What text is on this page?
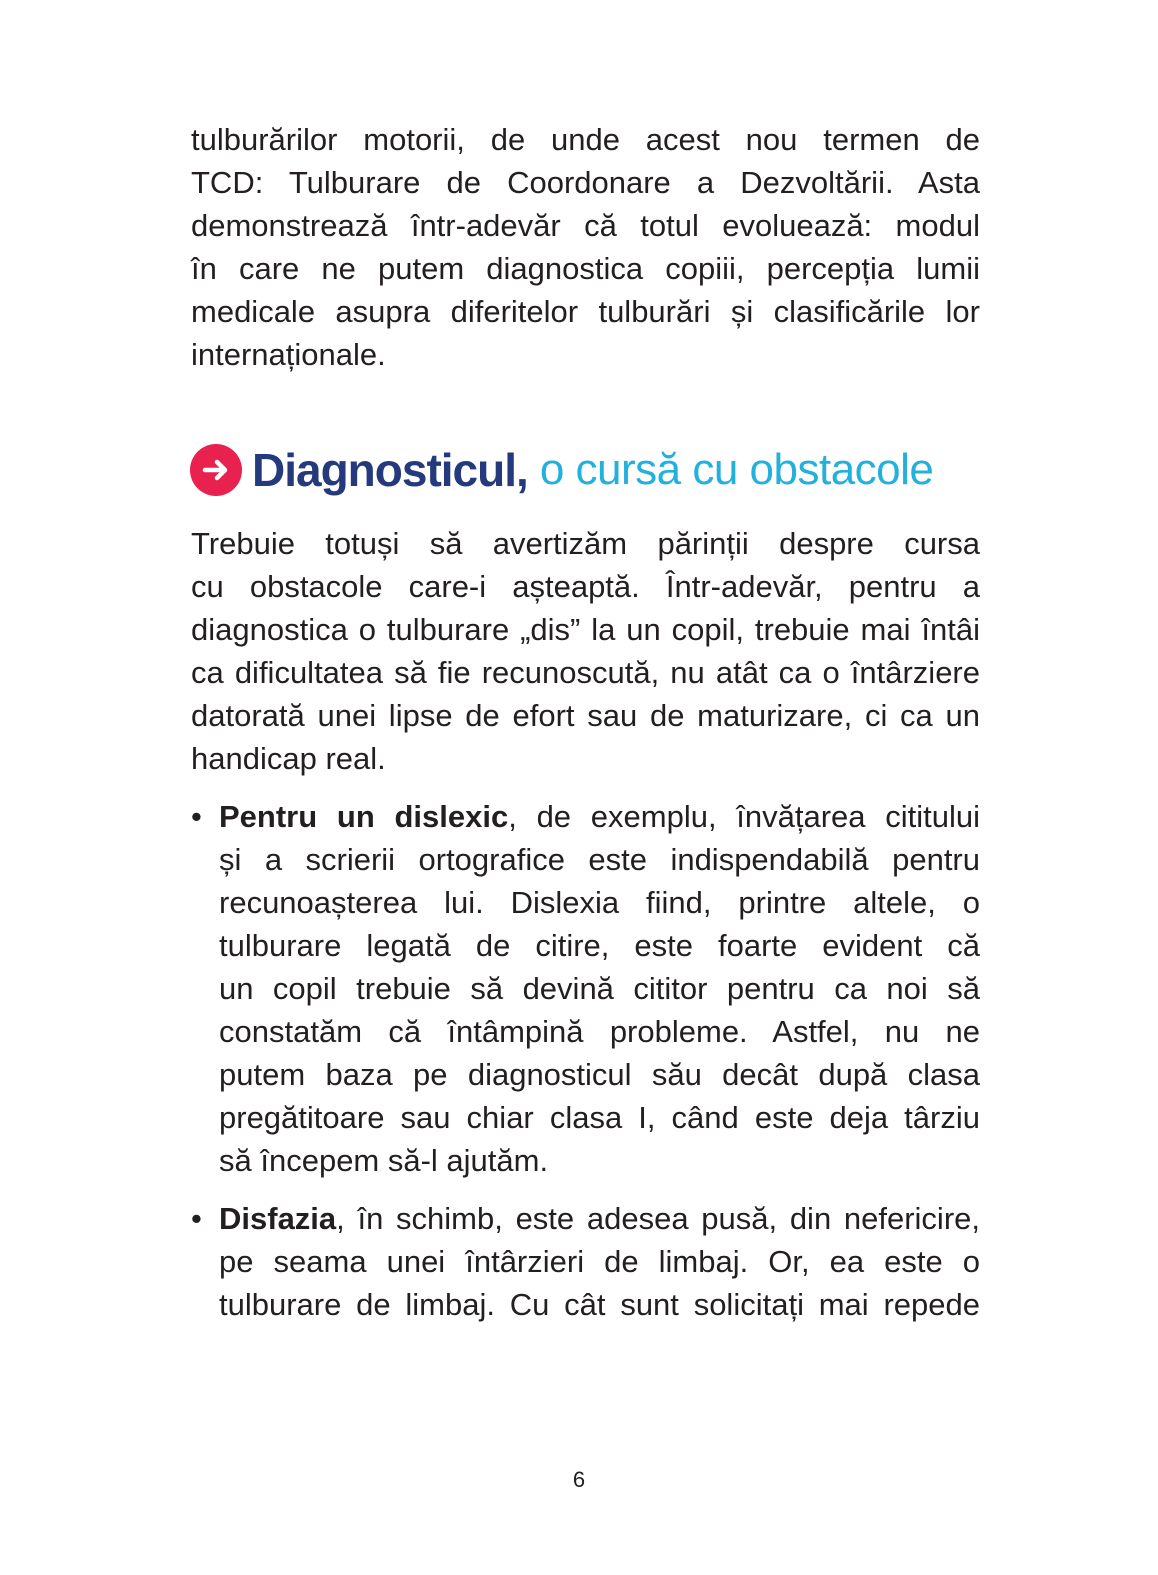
tulburărilor motorii, de unde acest nou termen de
TCD: Tulburare de Coordonare a Dezvoltării. Asta
demonstrează într-adevăr că totul evoluează: modul
în care ne putem diagnostica copiii, percepția lumii
medicale asupra diferitelor tulburări și clasificările lor
internaționale.
Diagnosticul, o cursă cu obstacole
Trebuie totuși să avertizăm părinții despre cursa
cu obstacole care-i așteaptă. Într-adevăr, pentru a
diagnostica o tulburare „dis” la un copil, trebuie mai întâi
ca dificultatea să fie recunoscută, nu atât ca o întârziere
datorată unei lipse de efort sau de maturizare, ci ca un
handicap real.
• Pentru un dislexic, de exemplu, învățarea cititului
și a scrierii ortografice este indispendabilă pentru
recunoașterea lui. Dislexia fiind, printre altele, o
tulburare legată de citire, este foarte evident că
un copil trebuie să devină cititor pentru ca noi să
constatăm că întâmpină probleme. Astfel, nu ne
putem baza pe diagnosticul său decât după clasa
pregătitoare sau chiar clasa I, când este deja târziu
să începem să-l ajutăm.
• Disfazia, în schimb, este adesea pusă, din nefericire,
pe seama unei întârzieri de limbaj. Or, ea este o
tulburare de limbaj. Cu cât sunt solicitați mai repede
6
